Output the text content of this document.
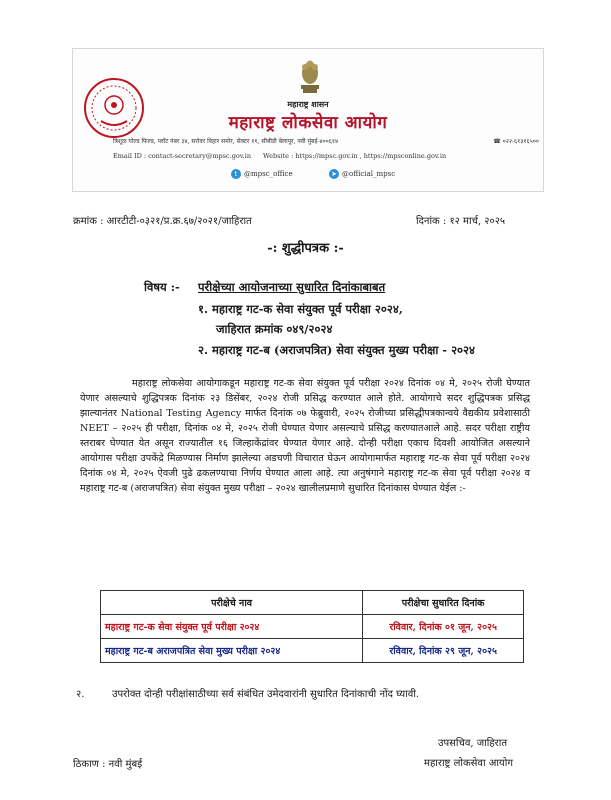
महाराष्ट्र शासन
महाराष्ट्र लोकसेवा आयोग
त्रिशूळ गोल्ड फिल्ड, प्लॉट नंबर ३४, सरोवर विहार समोर, सेक्टर ११, सीबीडी बेलापूर, नवी मुंबई-४००६१४	☎ ०२२-६१३१६५००
Email ID : contact-secretary@mpsc.gov.in Website : https://mpsc.gov.in , https://mpsconline.gov.in
t @mpsc_office	➤ @official_mpsc
क्रमांक : आरटीटी-०३२१/प्र.क्र.६७/२०२१/जाहिरात	दिनांक : १२ मार्च, २०२५
-: शुद्धीपत्रक :-
विषय :- परीक्षेच्या आयोजनाच्या सुधारित दिनांकाबाबत
१. महाराष्ट्र गट-क सेवा संयुक्त पूर्व परीक्षा २०२४,
जाहिरात क्रमांक ०४९/२०२४
२. महाराष्ट्र गट-ब (अराजपत्रित) सेवा संयुक्त मुख्य परीक्षा - २०२४

महाराष्ट्र लोकसेवा आयोगाकडून महाराष्ट्र गट-क सेवा संयुक्त पूर्व परीक्षा २०२४ दिनांक ०४ मे, २०२५ रोजी घेण्यात येणार असल्याचे शुद्धिपत्रक दिनांक २३ डिसेंबर, २०२४ रोजी प्रसिद्ध करण्यात आले होते. आयोगाचे सदर शुद्धिपत्रक प्रसिद्ध झाल्यानंतर National Testing Agency मार्फत दिनांक ०७ फेब्रुवारी, २०२५ रोजीच्या प्रसिद्धीपत्रकान्वये वैद्यकीय प्रवेशासाठी NEET – २०२५ ही परीक्षा, दिनांक ०४ मे, २०२५ रोजी घेण्यात येणार असल्याचे प्रसिद्ध करण्यातआले आहे. सदर परीक्षा राष्ट्रीय स्तराबर घेण्यात येत असून राज्यातील १६ जिल्हाकेंद्रांवर घेण्यात येणार आहे. दोन्ही परीक्षा एकाच दिवशी आयोजित असल्याने आयोगास परीक्षा उपकेंद्रे मिळण्यास निर्माण झालेल्या अडचणी विचारात घेऊन आयोगामार्फत महाराष्ट्र गट-क सेवा पूर्व परीक्षा २०२४ दिनांक ०४ मे, २०२५ ऐवजी पुढे ढकलण्याचा निर्णय घेण्यात आला आहे. त्या अनुषंगाने महाराष्ट्र गट-क सेवा पूर्व परीक्षा २०२४ व महाराष्ट्र गट-ब (अराजपत्रित) सेवा संयुक्त मुख्य परीक्षा – २०२४ खालीलप्रमाणे सुधारित दिनांकास घेण्यात येईल :-

परीक्षेचे नाव	परीक्षेचा सुधारित दिनांक
महाराष्ट्र गट-क सेवा संयुक्त पूर्व परीक्षा २०२४	रविवार, दिनांक ०१ जून, २०२५
महाराष्ट्र गट-ब अराजपत्रित सेवा मुख्य परीक्षा २०२४	रविवार, दिनांक २९ जून, २०२५
२.	उपरोक्त दोन्ही परीक्षांसाठीच्या सर्व संबंधित उमेदवारांनी सुधारित दिनांकाची नोंद घ्यावी.
उपसचिव, जाहिरात
महाराष्ट्र लोकसेवा आयोग
ठिकाण : नवी मुंबई
